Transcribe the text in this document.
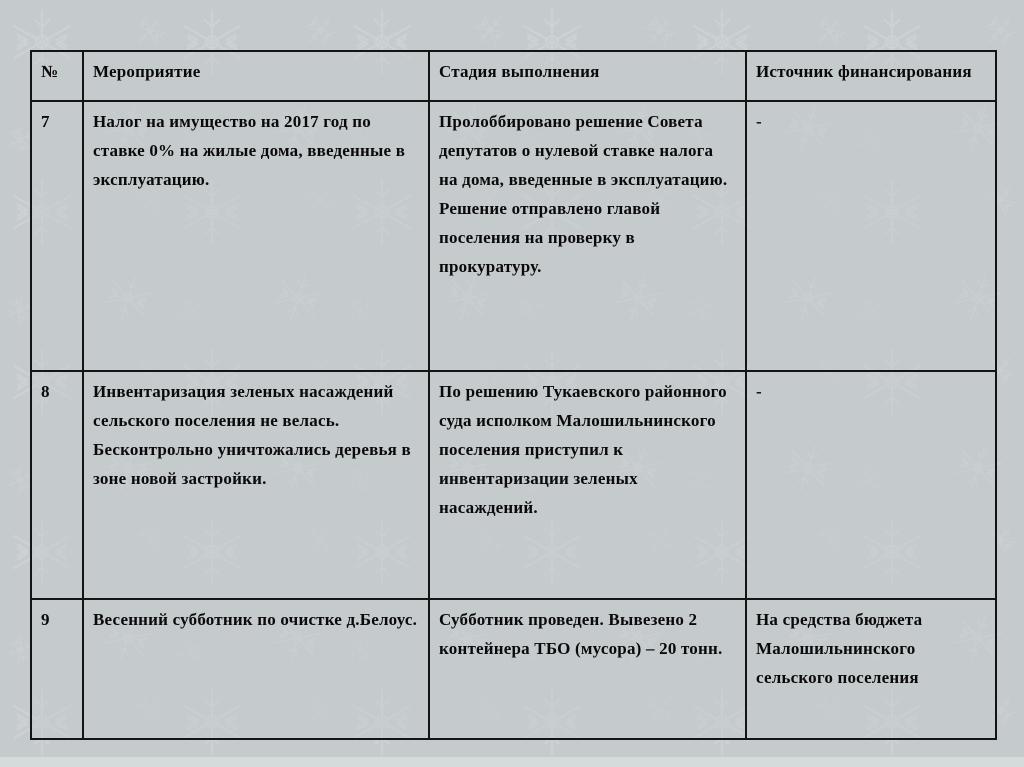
№	Мероприятие	Стадия выполнения	Источник финансирования
7	Налог на имущество на 2017 год по ставке 0% на жилые дома, введенные в эксплуатацию.	Пролоббировано решение Совета депутатов о нулевой ставке налога на дома, введенные в эксплуатацию. Решение отправлено главой поселения на проверку в прокуратуру.	-
8	Инвентаризация зеленых насаждений сельского поселения не велась. Бесконтрольно уничтожались деревья в зоне новой застройки.	По решению Тукаевского районного суда исполком Малошильнинского поселения приступил к инвентаризации зеленых насаждений.	-
9	Весенний субботник по очистке д.Белоус.	Субботник проведен. Вывезено 2 контейнера ТБО (мусора) – 20 тонн.	На средства бюджета Малошильнинского сельского поселения
